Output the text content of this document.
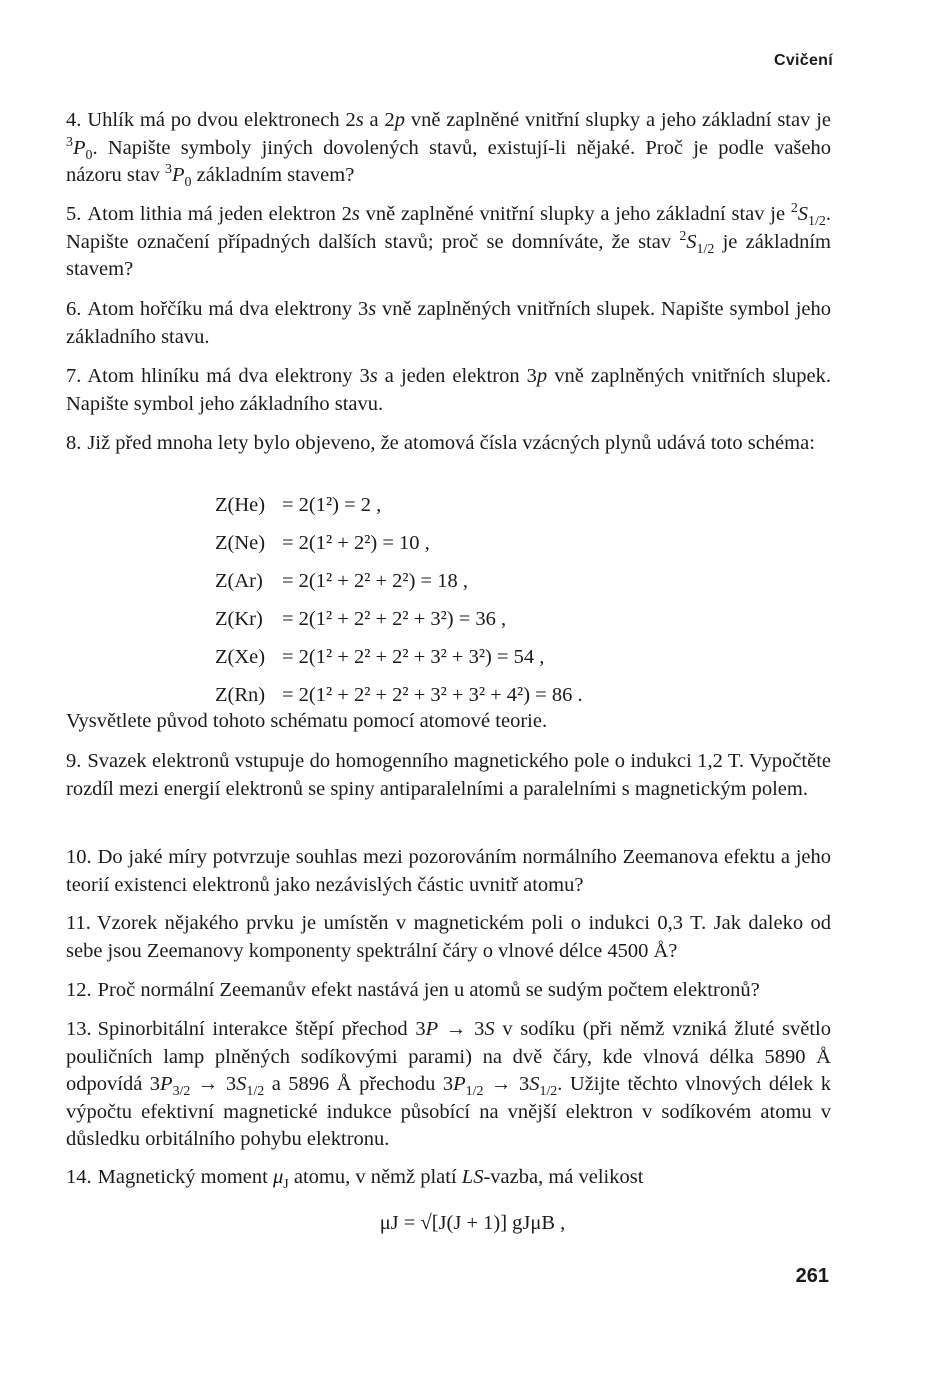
Cvičení

4. Uhlík má po dvou elektronech 2s a 2p vně zaplněné vnitřní slupky a jeho základní stav je $^3P_0$. Napište symboly jiných dovolených stavů, existují-li nějaké. Proč je podle vašeho názoru stav $^3P_0$ základním stavem?

5. Atom lithia má jeden elektron 2s vně zaplněné vnitřní slupky a jeho základní stav je $^2S_{1/2}$. Napište označení případných dalších stavů; proč se domníváte, že stav $^2S_{1/2}$ je základním stavem?

6. Atom hořčíku má dva elektrony 3s vně zaplněných vnitřních slupek. Napište symbol jeho základního stavu.

7. Atom hliníku má dva elektrony 3s a jeden elektron 3p vně zaplněných vnitřních slupek. Napište symbol jeho základního stavu.

8. Již před mnoha lety bylo objeveno, že atomová čísla vzácných plynů udává toto schéma:

Z(He) = 2(1²) = 2 ,
Z(Ne) = 2(1² + 2²) = 10 ,
Z(Ar) = 2(1² + 2² + 2²) = 18 ,
Z(Kr) = 2(1² + 2² + 2² + 3²) = 36 ,
Z(Xe) = 2(1² + 2² + 2² + 3² + 3²) = 54 ,
Z(Rn) = 2(1² + 2² + 2² + 3² + 3² + 4²) = 86 .

Vysvětlete původ tohoto schématu pomocí atomové teorie.

9. Svazek elektronů vstupuje do homogenního magnetického pole o indukci 1,2 T. Vypočtěte rozdíl mezi energií elektronů se spiny antiparalelními a paralelními s magnetickým polem.

10. Do jaké míry potvrzuje souhlas mezi pozorováním normálního Zeemanova efektu a jeho teorií existenci elektronů jako nezávislých částic uvnitř atomu?

11. Vzorek nějakého prvku je umístěn v magnetickém poli o indukci 0,3 T. Jak daleko od sebe jsou Zeemanovy komponenty spektrální čáry o vlnové délce 4500 Å?

12. Proč normální Zeemanův efekt nastává jen u atomů se sudým počtem elektronů?

13. Spinorbitální interakce štěpí přechod 3P → 3S v sodíku (při němž vzniká žluté světlo pouličních lamp plněných sodíkovými parami) na dvě čáry, kde vlnová délka 5890 Å odpovídá $3P_{3/2} \to 3S_{1/2}$ a 5896 Å přechodu $3P_{1/2} \to 3S_{1/2}$. Užijte těchto vlnových délek k výpočtu efektivní magnetické indukce působící na vnější elektron v sodíkovém atomu v důsledku orbitálního pohybu elektronu.

14. Magnetický moment $\mu_J$ atomu, v němž platí LS-vazba, má velikost

μJ = √[J(J + 1)] gJμB ,
261
